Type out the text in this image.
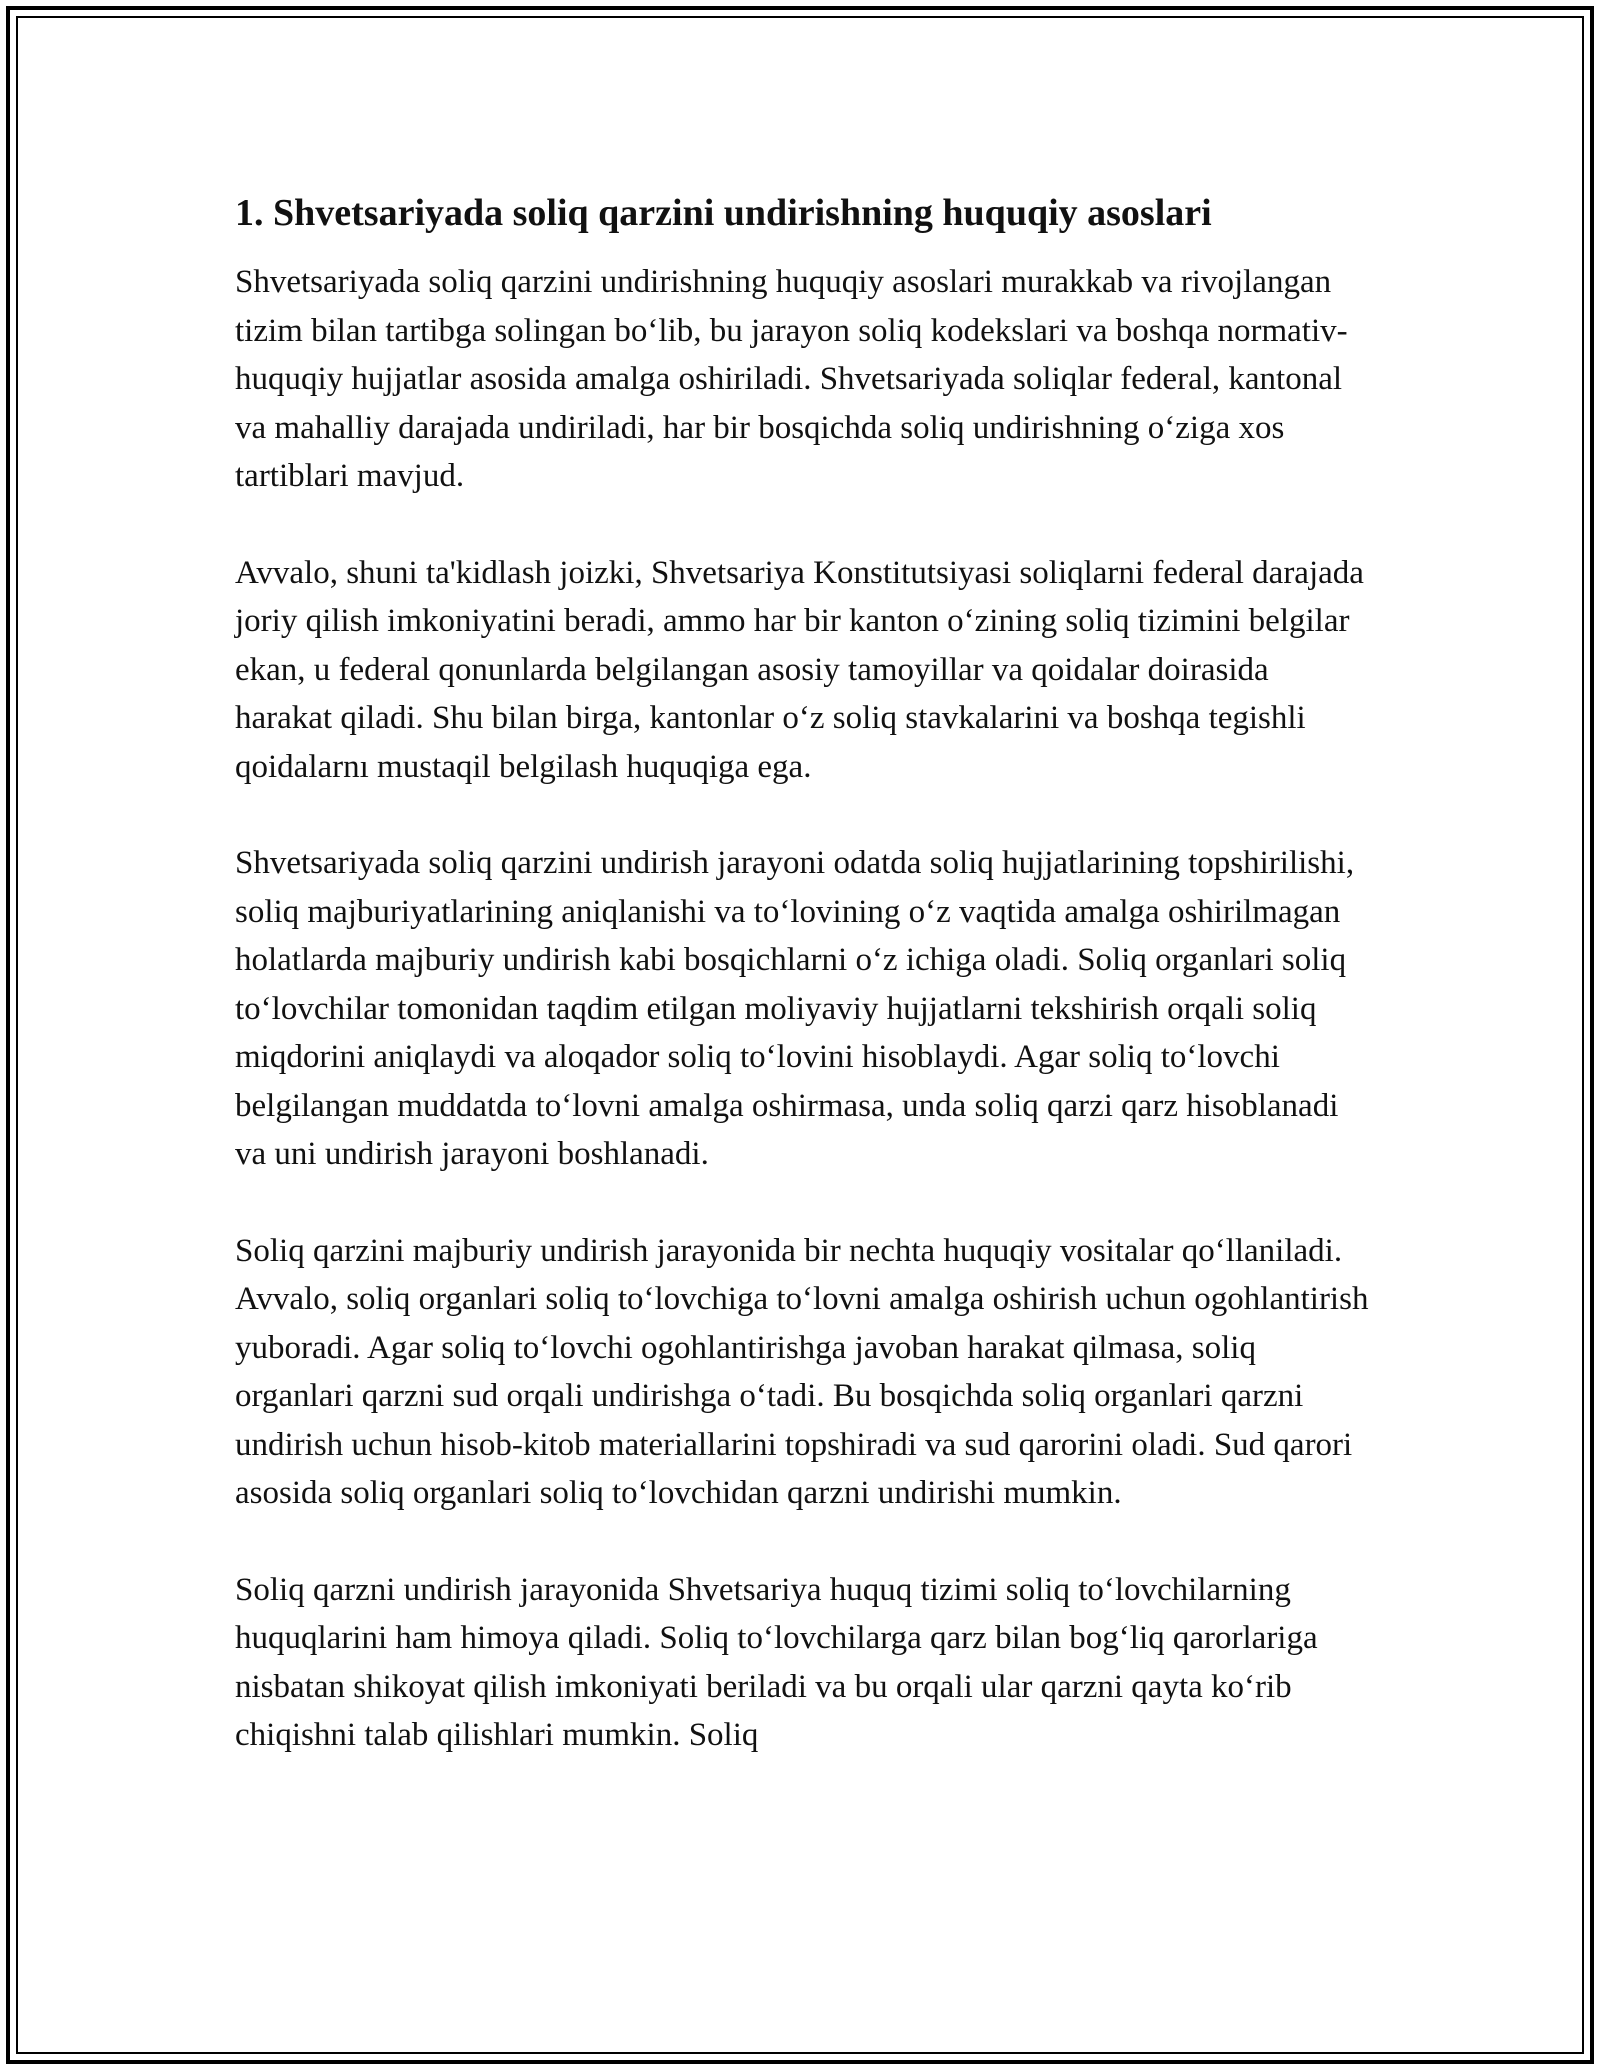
1. Shvetsariyada soliq qarzini undirishning huquqiy asoslari

Shvetsariyada soliq qarzini undirishning huquqiy asoslari murakkab va rivojlangan tizim bilan tartibga solingan bo‘lib, bu jarayon soliq kodekslari va boshqa normativ-huquqiy hujjatlar asosida amalga oshiriladi. Shvetsariyada soliqlar federal, kantonal va mahalliy darajada undiriladi, har bir bosqichda soliq undirishning o‘ziga xos tartiblari mavjud.

Avvalo, shuni ta'kidlash joizki, Shvetsariya Konstitutsiyasi soliqlarni federal darajada joriy qilish imkoniyatini beradi, ammo har bir kanton o‘zining soliq tizimini belgilar ekan, u federal qonunlarda belgilangan asosiy tamoyillar va qoidalar doirasida harakat qiladi. Shu bilan birga, kantonlar o‘z soliq stavkalarini va boshqa tegishli qoidalarnı mustaqil belgilash huquqiga ega.

Shvetsariyada soliq qarzini undirish jarayoni odatda soliq hujjatlarining topshirilishi, soliq majburiyatlarining aniqlanishi va to‘lovining o‘z vaqtida amalga oshirilmagan holatlarda majburiy undirish kabi bosqichlarni o‘z ichiga oladi. Soliq organlari soliq to‘lovchilar tomonidan taqdim etilgan moliyaviy hujjatlarni tekshirish orqali soliq miqdorini aniqlaydi va aloqador soliq to‘lovini hisoblaydi. Agar soliq to‘lovchi belgilangan muddatda to‘lovni amalga oshirmasa, unda soliq qarzi qarz hisoblanadi va uni undirish jarayoni boshlanadi.

Soliq qarzini majburiy undirish jarayonida bir nechta huquqiy vositalar qo‘llaniladi. Avvalo, soliq organlari soliq to‘lovchiga to‘lovni amalga oshirish uchun ogohlantirish yuboradi. Agar soliq to‘lovchi ogohlantirishga javoban harakat qilmasa, soliq organlari qarzni sud orqali undirishga o‘tadi. Bu bosqichda soliq organlari qarzni undirish uchun hisob-kitob materiallarini topshiradi va sud qarorini oladi. Sud qarori asosida soliq organlari soliq to‘lovchidan qarzni undirishi mumkin.

Soliq qarzni undirish jarayonida Shvetsariya huquq tizimi soliq to‘lovchilarning huquqlarini ham himoya qiladi. Soliq to‘lovchilarga qarz bilan bog‘liq qarorlariga nisbatan shikoyat qilish imkoniyati beriladi va bu orqali ular qarzni qayta ko‘rib chiqishni talab qilishlari mumkin. Soliq
